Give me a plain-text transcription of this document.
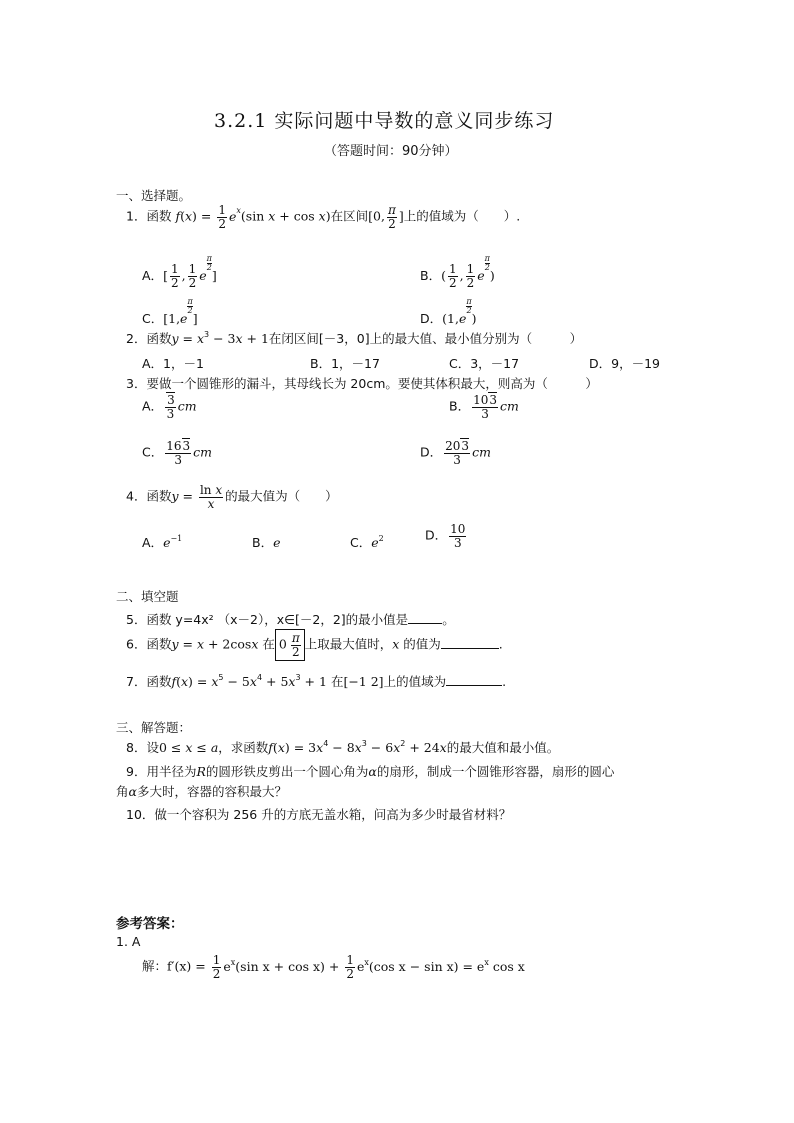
3.2.1 实际问题中导数的意义同步练习
（答题时间：90分钟）
一、选择题。
1．函数 $f(x) = \frac{1}{2} e^x(\sin$ x + cos x)在区间[0, $\frac{\pi}{2}$ ]上的值域为（　　）.
A．[ $\frac{1}{2}$ , $\frac{1}{2}$ e
$\frac{\pi}{2}$
]	B．( $\frac{1}{2}$ , $\frac{1}{2}$ e
$\frac{\pi}{2}$
)
C．[1,e
$\frac{\pi}{2}$
]	D．(1,e
$\frac{\pi}{2}$
)
2．函数$y = x^3 - 3x + 1$在闭区间[－3，0]上的最大值、最小值分别为（　　　）
A．1，－1	B．1，－17	C．3，－17	D．9，－19
3．要做一个圆锥形的漏斗，其母线长为 20cm。要使其体积最大，则高为（　　　）
A． $\frac{3}{3}$ cm	B． $\frac{103}{3}$ cm
C． $\frac{163}{3}$ cm	D． $\frac{203}{3}$ cm
4．函数$y = \frac{\text{ln x}}{x}$ 的最大值为（　　）
A．$e^{-1}$	B．e	C．$e^2$	D． $\frac{10}{3}$
二、填空题
5．函数 y=4x² （x－2），x∈[－2，2]的最小值是	。
6．函数y = x + 2cosx 在 $0 \frac{\pi}{2}$ 上取最大值时，x 的值为	.
7．函数$f(x) = x^5 - 5x^4 + 5x^3 + 1$ 在[−1 2]上的值域为	.
三、解答题：
8．设0 ≤ x ≤ a，求函数$f(x) = 3x^4 - 8x^3 - 6x^2 + 24x$的最大值和最小值。
9．用半径为R的圆形铁皮剪出一个圆心角为α的扇形，制成一个圆锥形容器，扇形的圆心
角α多大时，容器的容积最大？
10．做一个容积为 256 升的方底无盖水箱，问高为多少时最省材料？
参考答案：
1. A
解：$f'(x) = \frac{1}{2} e^x(\sin$ $x + \cos x) + \frac{1}{2} e^x(\cos$ $x - \sin x) = e^x$ cos x
